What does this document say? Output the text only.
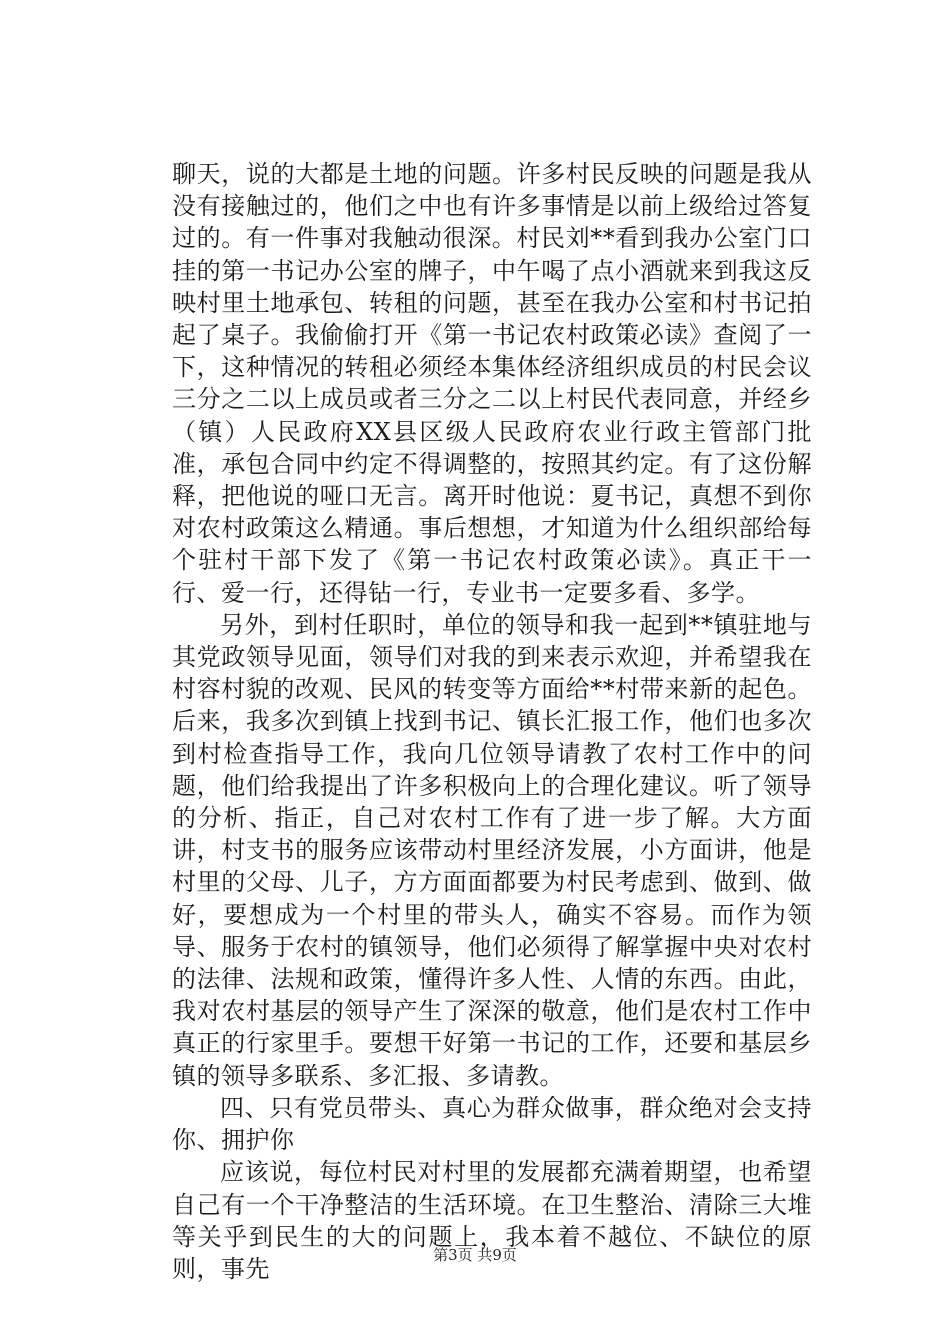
聊天，说的大都是土地的问题。许多村民反映的问题是我从没有接触过的，他们之中也有许多事情是以前上级给过答复过的。有一件事对我触动很深。村民刘**看到我办公室门口挂的第一书记办公室的牌子，中午喝了点小酒就来到我这反映村里土地承包、转租的问题，甚至在我办公室和村书记拍起了桌子。我偷偷打开《第一书记农村政策必读》查阅了一下，这种情况的转租必须经本集体经济组织成员的村民会议三分之二以上成员或者三分之二以上村民代表同意，并经乡（镇）人民政府XX县区级人民政府农业行政主管部门批准，承包合同中约定不得调整的，按照其约定。有了这份解释，把他说的哑口无言。离开时他说：夏书记，真想不到你对农村政策这么精通。事后想想，才知道为什么组织部给每个驻村干部下发了《第一书记农村政策必读》。真正干一行、爱一行，还得钻一行，专业书一定要多看、多学。

另外，到村任职时，单位的领导和我一起到**镇驻地与其党政领导见面，领导们对我的到来表示欢迎，并希望我在村容村貌的改观、民风的转变等方面给**村带来新的起色。后来，我多次到镇上找到书记、镇长汇报工作，他们也多次到村检查指导工作，我向几位领导请教了农村工作中的问题，他们给我提出了许多积极向上的合理化建议。听了领导的分析、指正，自己对农村工作有了进一步了解。大方面讲，村支书的服务应该带动村里经济发展，小方面讲，他是村里的父母、儿子，方方面面都要为村民考虑到、做到、做好，要想成为一个村里的带头人，确实不容易。而作为领导、服务于农村的镇领导，他们必须得了解掌握中央对农村的法律、法规和政策，懂得许多人性、人情的东西。由此，我对农村基层的领导产生了深深的敬意，他们是农村工作中真正的行家里手。要想干好第一书记的工作，还要和基层乡镇的领导多联系、多汇报、多请教。

四、只有党员带头、真心为群众做事，群众绝对会支持你、拥护你

应该说，每位村民对村里的发展都充满着期望，也希望自己有一个干净整洁的生活环境。在卫生整治、清除三大堆等关乎到民生的大的问题上，我本着不越位、不缺位的原则，事先	第3页 共9页
